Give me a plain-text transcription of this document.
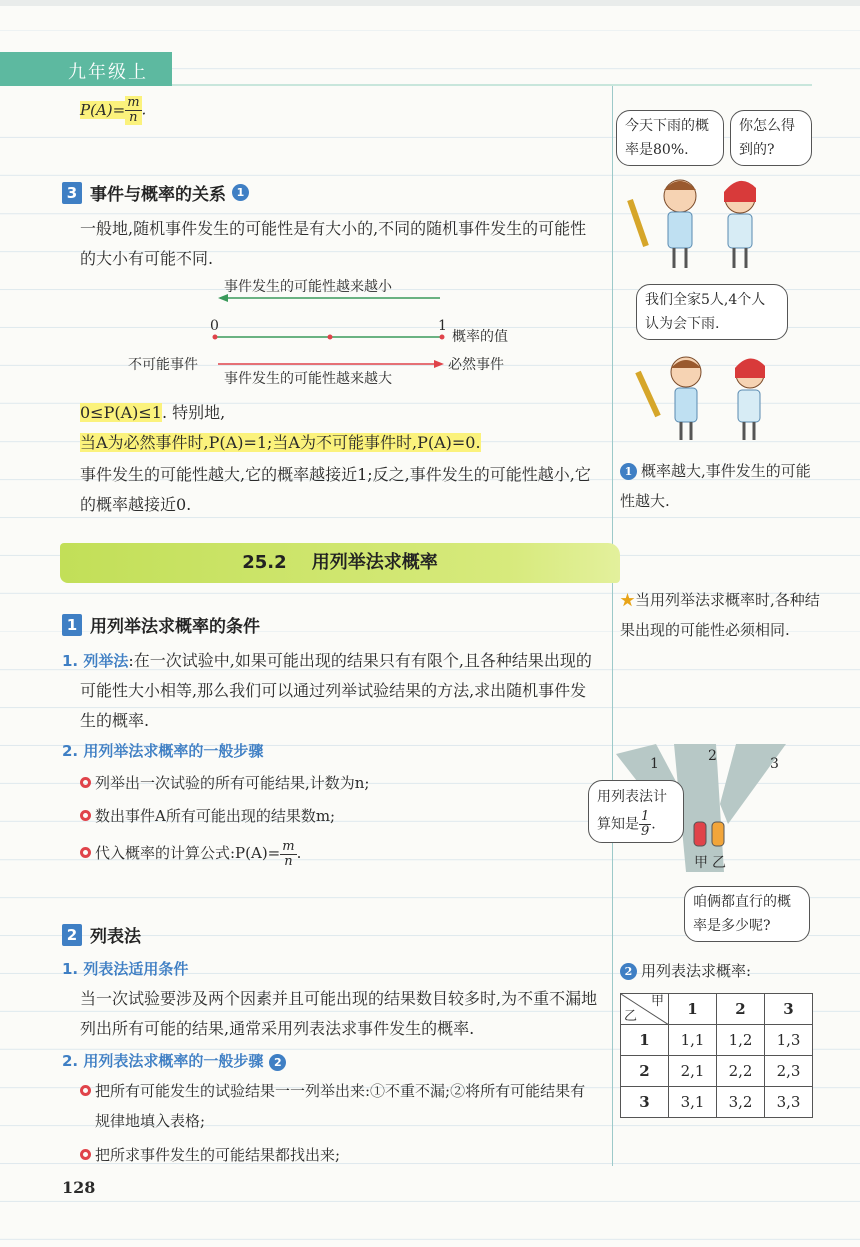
九年级上
$P(A)= \frac{m}{n}$ .
3 事件与概率的关系 1
一般地,随机事件发生的可能性是有大小的,不同的随机事件发生的可能性的大小有可能不同.
事件发生的可能性越来越小
0	1
概率的值
不可能事件	必然事件
事件发生的可能性越来越大
0≤P(A)≤1. 特别地,
当A为必然事件时,P(A)=1;当A为不可能事件时,P(A)=0.
事件发生的可能性越大,它的概率越接近1;反之,事件发生的可能性越小,它的概率越接近0.
25.2 用列举法求概率
1 用列举法求概率的条件
1. 列举法:在一次试验中,如果可能出现的结果只有有限个,且各种结果出现的可能性大小相等,那么我们可以通过列举试验结果的方法,求出随机事件发生的概率.
2. 用列举法求概率的一般步骤
列举出一次试验的所有可能结果,计数为n;
数出事件A所有可能出现的结果数m;
代入概率的计算公式:P(A)= $\frac{m}{n}$ .
2 列表法
1. 列表法适用条件
当一次试验要涉及两个因素并且可能出现的结果数目较多时,为不重不漏地列出所有可能的结果,通常采用列表法求事件发生的概率.
2. 用列表法求概率的一般步骤 2
把所有可能发生的试验结果一一列举出来:①不重不漏;②将所有可能结果有规律地填入表格;
把所求事件发生的可能结果都找出来;
今天下雨的概率是80%.
你怎么得到的?
我们全家5人,4个人认为会下雨.
1 概率越大,事件发生的可能性越大.
★当用列举法求概率时,各种结果出现的可能性必须相同.
1	2	3
甲 乙
用列表法计算知是 $\frac{1}{9}$ .
咱俩都直行的概率是多少呢?
2 用列表法求概率:
甲
乙	1	2	3
1	1,1	1,2	1,3
2	2,1	2,2	2,3
3	3,1	3,2	3,3
128
